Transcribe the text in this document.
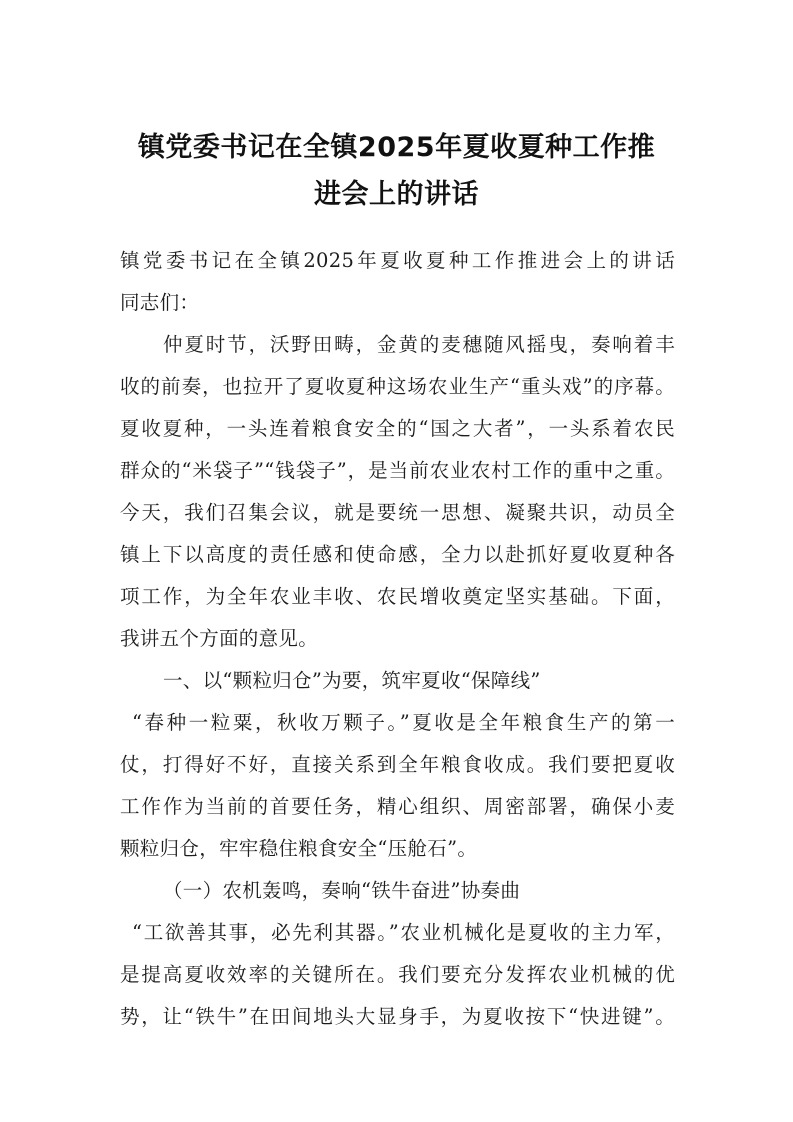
镇党委书记在全镇2025年夏收夏种工作推
进会上的讲话
镇党委书记在全镇2025年夏收夏种工作推进会上的讲话
同志们：
仲夏时节，沃野田畴，金黄的麦穗随风摇曳，奏响着丰
收的前奏，也拉开了夏收夏种这场农业生产“重头戏”的序幕。
夏收夏种，一头连着粮食安全的“国之大者”，一头系着农民
群众的“米袋子”“钱袋子”，是当前农业农村工作的重中之重。
今天，我们召集会议，就是要统一思想、凝聚共识，动员全
镇上下以高度的责任感和使命感，全力以赴抓好夏收夏种各
项工作，为全年农业丰收、农民增收奠定坚实基础。下面，
我讲五个方面的意见。
一、以“颗粒归仓”为要，筑牢夏收“保障线”
“春种一粒粟，秋收万颗子。”夏收是全年粮食生产的第一
仗，打得好不好，直接关系到全年粮食收成。我们要把夏收
工作作为当前的首要任务，精心组织、周密部署，确保小麦
颗粒归仓，牢牢稳住粮食安全“压舱石”。
（一）农机轰鸣，奏响“铁牛奋进”协奏曲
“工欲善其事，必先利其器。”农业机械化是夏收的主力军，
是提高夏收效率的关键所在。我们要充分发挥农业机械的优
势，让“铁牛”在田间地头大显身手，为夏收按下“快进键”。
